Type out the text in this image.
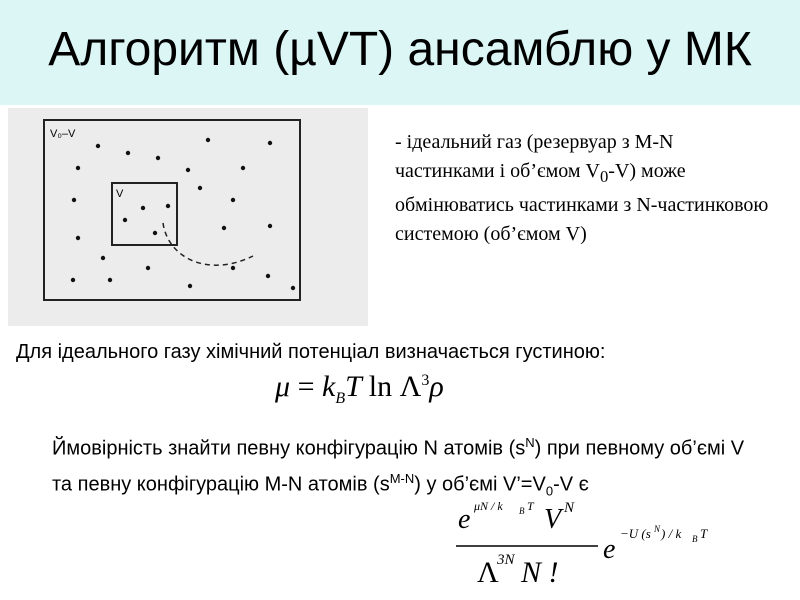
Алгоритм (µVT) ансамблю у МК
V₀–V
V
- ідеальний газ (резервуар з M-N частинками і об’ємом $V_0-V$) може обмінюватись частинками з N-частинковою системою (об’ємом V)
Для ідеального газу хімічний потенціал визначається густиною:
$\mu = k_BT$ $\ln \Lambda^3\rho$
Ймовірність знайти певну конфігурацію N атомів $(s^N)$ при певному об’ємі V та певну конфігурацію M-N атомів $(s^{M-N})$ у об’ємі $V’=V_0-V$ є
e μN / k B T V N
Λ
3N N !
e
−U (s N ) / k B T
